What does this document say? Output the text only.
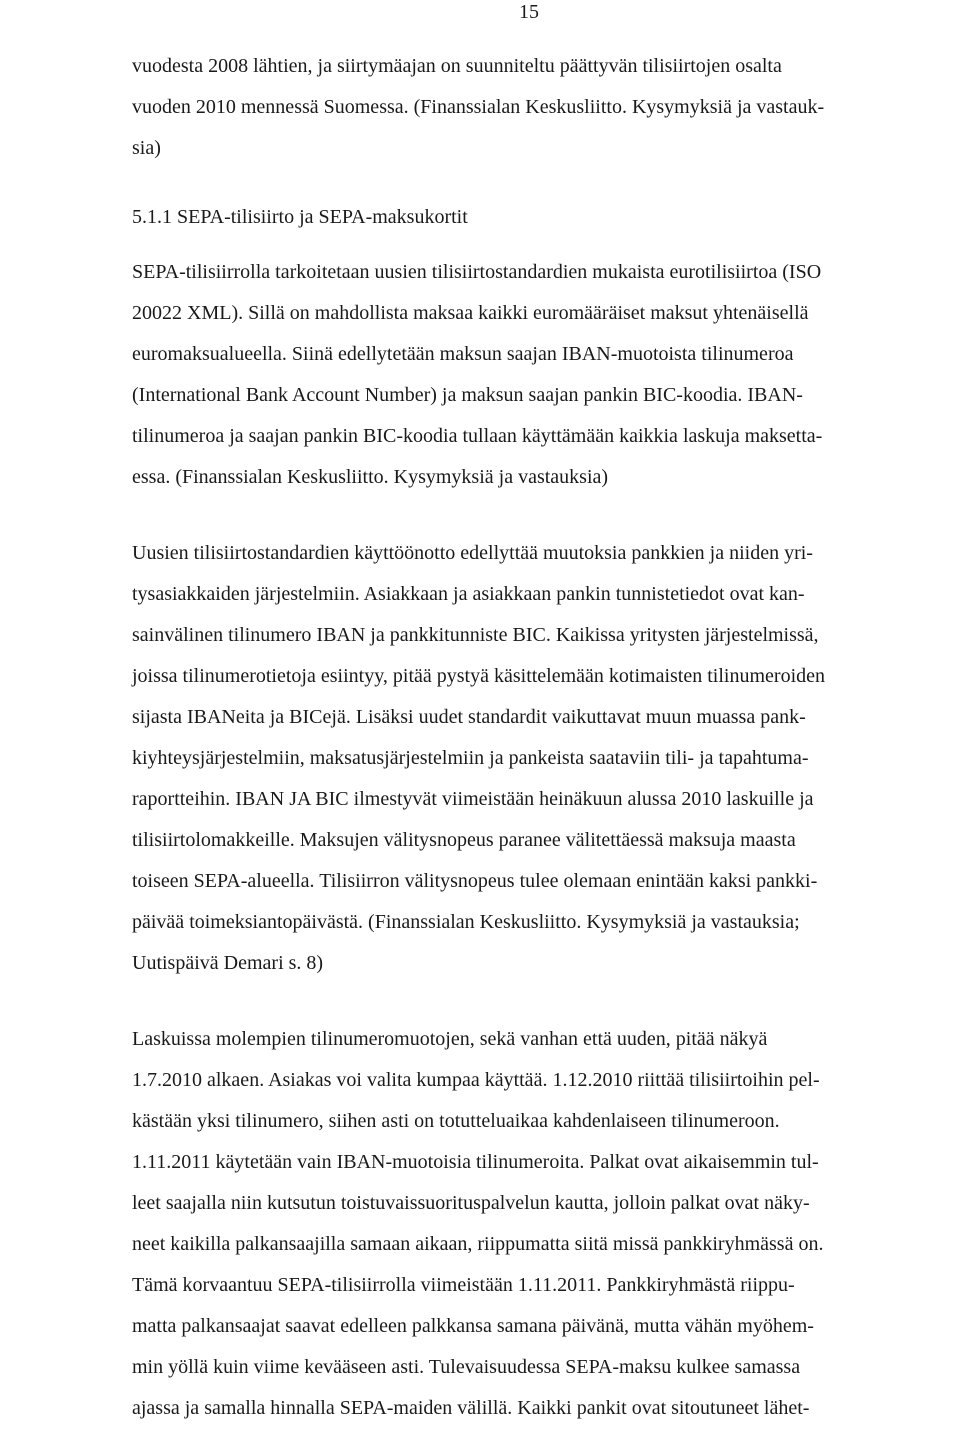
15
vuodesta 2008 lähtien, ja siirtymäajan on suunniteltu päättyvän tilisiirtojen osalta
vuoden 2010 mennessä Suomessa. (Finanssialan Keskusliitto. Kysymyksiä ja vastauk-
sia)
5.1.1 SEPA-tilisiirto ja SEPA-maksukortit
SEPA-tilisiirrolla tarkoitetaan uusien tilisiirtostandardien mukaista eurotilisiirtoa (ISO
20022 XML). Sillä on mahdollista maksaa kaikki euromääräiset maksut yhtenäisellä
euromaksualueella. Siinä edellytetään maksun saajan IBAN-muotoista tilinumeroa
(International Bank Account Number) ja maksun saajan pankin BIC-koodia. IBAN-
tilinumeroa ja saajan pankin BIC-koodia tullaan käyttämään kaikkia laskuja maksetta-
essa. (Finanssialan Keskusliitto. Kysymyksiä ja vastauksia)
Uusien tilisiirtostandardien käyttöönotto edellyttää muutoksia pankkien ja niiden yri-
tysasiakkaiden järjestelmiin. Asiakkaan ja asiakkaan pankin tunnistetiedot ovat kan-
sainvälinen tilinumero IBAN ja pankkitunniste BIC. Kaikissa yritysten järjestelmissä,
joissa tilinumerotietoja esiintyy, pitää pystyä käsittelemään kotimaisten tilinumeroiden
sijasta IBANeita ja BICejä. Lisäksi uudet standardit vaikuttavat muun muassa pank-
kiyhteysjärjestelmiin, maksatusjärjestelmiin ja pankeista saataviin tili- ja tapahtuma-
raportteihin. IBAN JA BIC ilmestyvät viimeistään heinäkuun alussa 2010 laskuille ja
tilisiirtolomakkeille. Maksujen välitysnopeus paranee välitettäessä maksuja maasta
toiseen SEPA-alueella. Tilisiirron välitysnopeus tulee olemaan enintään kaksi pankki-
päivää toimeksiantopäivästä. (Finanssialan Keskusliitto. Kysymyksiä ja vastauksia;
Uutispäivä Demari s. 8)
Laskuissa molempien tilinumeromuotojen, sekä vanhan että uuden, pitää näkyä
1.7.2010 alkaen. Asiakas voi valita kumpaa käyttää. 1.12.2010 riittää tilisiirtoihin pel-
kästään yksi tilinumero, siihen asti on totutteluaikaa kahdenlaiseen tilinumeroon.
1.11.2011 käytetään vain IBAN-muotoisia tilinumeroita. Palkat ovat aikaisemmin tul-
leet saajalla niin kutsutun toistuvaissuorituspalvelun kautta, jolloin palkat ovat näky-
neet kaikilla palkansaajilla samaan aikaan, riippumatta siitä missä pankkiryhmässä on.
Tämä korvaantuu SEPA-tilisiirrolla viimeistään 1.11.2011. Pankkiryhmästä riippu-
matta palkansaajat saavat edelleen palkkansa samana päivänä, mutta vähän myöhem-
min yöllä kuin viime kevääseen asti. Tulevaisuudessa SEPA-maksu kulkee samassa
ajassa ja samalla hinnalla SEPA-maiden välillä. Kaikki pankit ovat sitoutuneet lähet-
